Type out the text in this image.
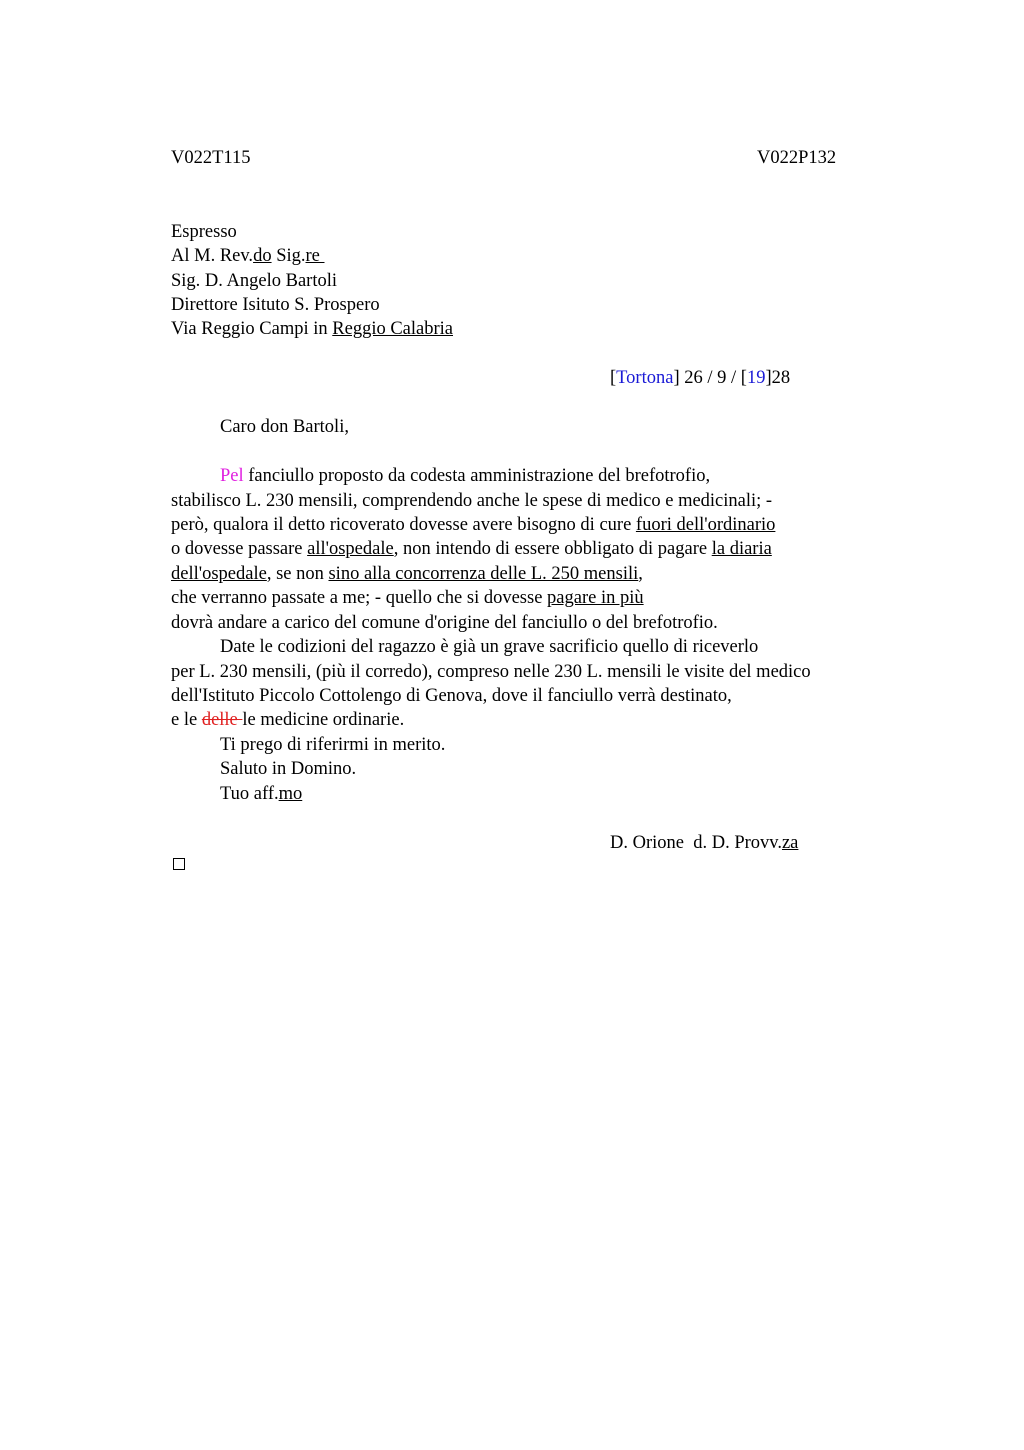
V022T115	V022P132
Espresso
Al M. Rev.do Sig.re
Sig. D. Angelo Bartoli
Direttore Isituto S. Prospero
Via Reggio Campi in Reggio Calabria
[Tortona] 26 / 9 / [19]28
Caro don Bartoli,
Pel fanciullo proposto da codesta amministrazione del brefotrofio,
stabilisco L. 230 mensili, comprendendo anche le spese di medico e medicinali; -
però, qualora il detto ricoverato dovesse avere bisogno di cure fuori dell'ordinario
o dovesse passare all'ospedale, non intendo di essere obbligato di pagare la diaria
dell'ospedale, se non sino alla concorrenza delle L. 250 mensili,
che verranno passate a me; - quello che si dovesse pagare in più
dovrà andare a carico del comune d'origine del fanciullo o del brefotrofio.
Date le codizioni del ragazzo è già un grave sacrificio quello di riceverlo
per L. 230 mensili, (più il corredo), compreso nelle 230 L. mensili le visite del medico
dell'Istituto Piccolo Cottolengo di Genova, dove il fanciullo verrà destinato,
e le delle le medicine ordinarie.
Ti prego di riferirmi in merito.
Saluto in Domino.
Tuo aff.mo
D. Orione  d. D. Provv.za
